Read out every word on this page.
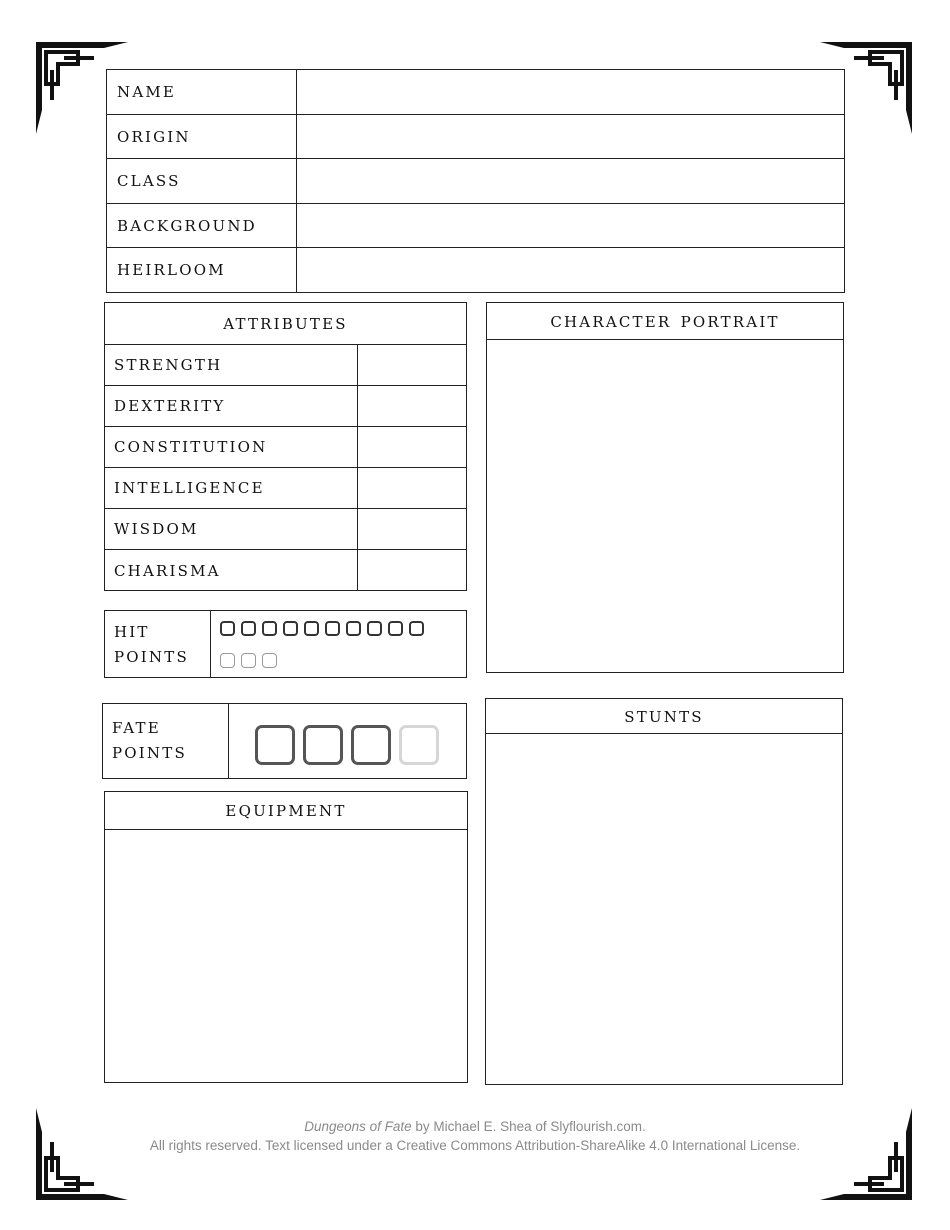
name
origin
class
background
heirloom
attributes
strength
dexterity
constitution
intelligence
wisdom
charisma
hit
points
fate
points
equipment
character portrait
stunts
Dungeons of Fate by Michael E. Shea of Slyflourish.com.
All rights reserved. Text licensed under a Creative Commons Attribution-ShareAlike 4.0 International License.
